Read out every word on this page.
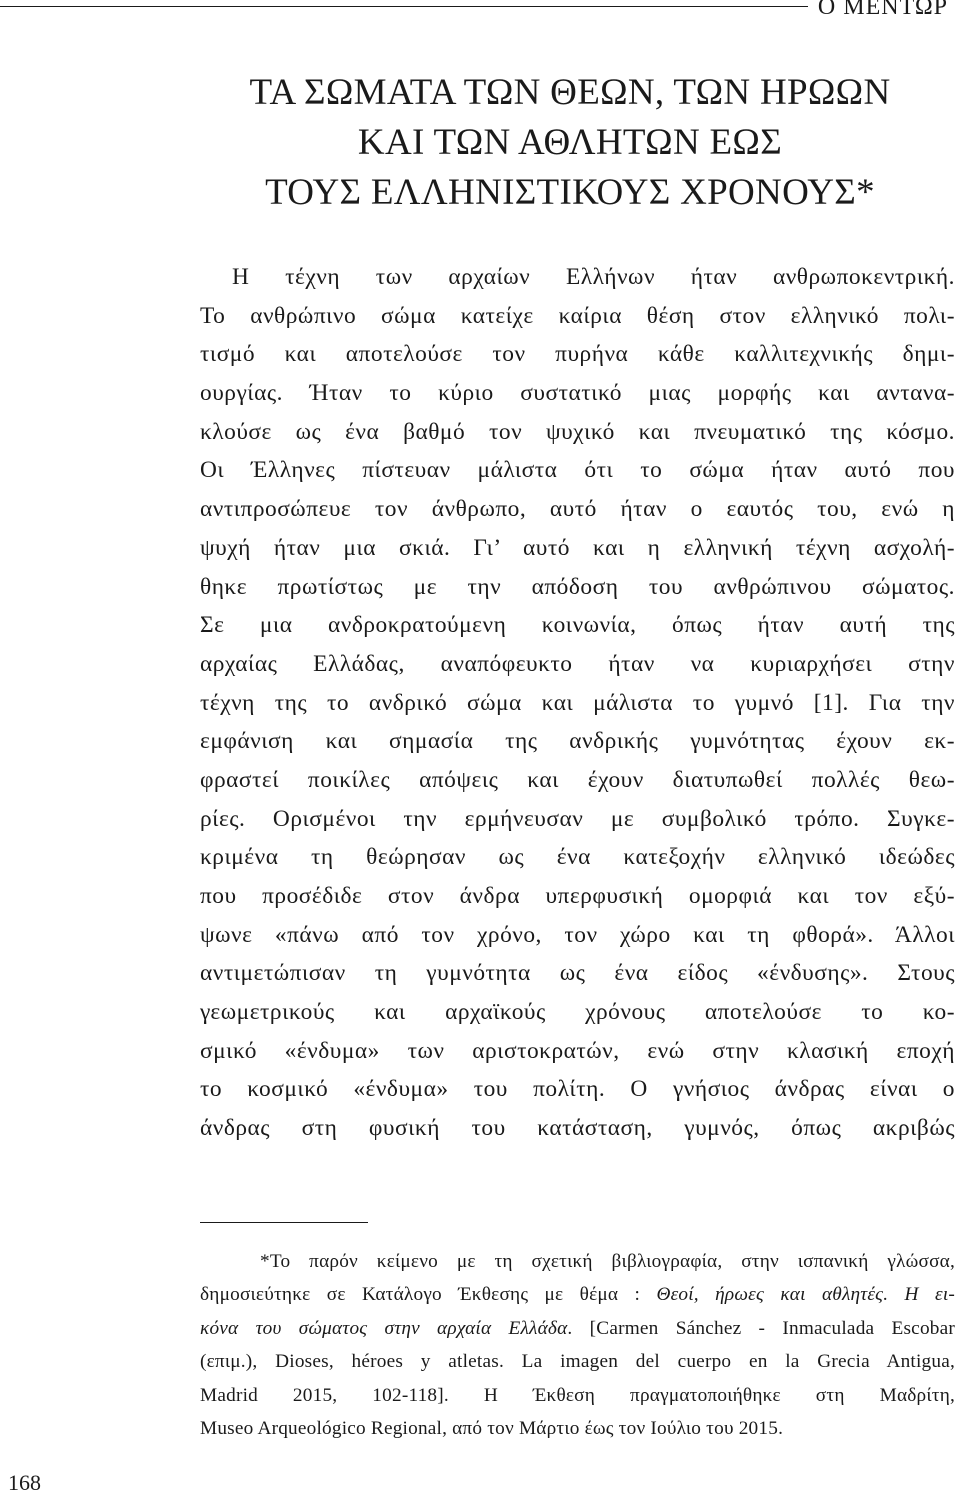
Ο ΜΕΝΤΩΡ
ΤΑ ΣΩΜΑΤΑ ΤΩΝ ΘΕΩΝ, ΤΩΝ ΗΡΩΩΝ
ΚΑΙ ΤΩΝ ΑΘΛΗΤΩΝ ΕΩΣ
ΤΟΥΣ ΕΛΛΗΝΙΣΤΙΚΟΥΣ ΧΡΟΝΟΥΣ*
Η τέχνη των αρχαίων Ελλήνων ήταν ανθρωποκεντρική.
Το ανθρώπινο σώμα κατείχε καίρια θέση στον ελληνικό πολι-
τισμό και αποτελούσε τον πυρήνα κάθε καλλιτεχνικής δημι-
ουργίας. Ήταν το κύριο συστατικό μιας μορφής και αντανα-
κλούσε ως ένα βαθμό τον ψυχικό και πνευματικό της κόσμο.
Οι Έλληνες πίστευαν μάλιστα ότι το σώμα ήταν αυτό που
αντιπροσώπευε τον άνθρωπο, αυτό ήταν ο εαυτός του, ενώ η
ψυχή ήταν μια σκιά. Γι’ αυτό και η ελληνική τέχνη ασχολή-
θηκε πρωτίστως με την απόδοση του ανθρώπινου σώματος.
Σε μια ανδροκρατούμενη κοινωνία, όπως ήταν αυτή της
αρχαίας Ελλάδας, αναπόφευκτο ήταν να κυριαρχήσει στην
τέχνη της το ανδρικό σώμα και μάλιστα το γυμνό [1]. Για την
εμφάνιση και σημασία της ανδρικής γυμνότητας έχουν εκ-
φραστεί ποικίλες απόψεις και έχουν διατυπωθεί πολλές θεω-
ρίες. Ορισμένοι την ερμήνευσαν με συμβολικό τρόπο. Συγκε-
κριμένα τη θεώρησαν ως ένα κατεξοχήν ελληνικό ιδεώδες
που προσέδιδε στον άνδρα υπερφυσική ομορφιά και τον εξύ-
ψωνε «πάνω από τον χρόνο, τον χώρο και τη φθορά». Άλλοι
αντιμετώπισαν τη γυμνότητα ως ένα είδος «ένδυσης». Στους
γεωμετρικούς και αρχαϊκούς χρόνους αποτελούσε το κο-
σμικό «ένδυμα» των αριστοκρατών, ενώ στην κλασική εποχή
το κοσμικό «ένδυμα» του πολίτη. Ο γνήσιος άνδρας είναι ο
άνδρας στη φυσική του κατάσταση, γυμνός, όπως ακριβώς
*Το παρόν κείμενο με τη σχετική βιβλιογραφία, στην ισπανική γλώσσα,
δημοσιεύτηκε σε Κατάλογο Έκθεσης με θέμα : Θεοί, ήρωες και αθλητές. Η ει-
κόνα του σώματος στην αρχαία Ελλάδα. [Carmen Sánchez - Inmaculada Escobar
(επιμ.), Dioses, héroes y atletas. La imagen del cuerpo en la Grecia Antigua,
Madrid 2015, 102-118]. Η Έκθεση πραγματοποιήθηκε στη Μαδρίτη,
Museo Arqueológico Regional, από τον Μάρτιο έως τον Ιούλιο του 2015.
168
